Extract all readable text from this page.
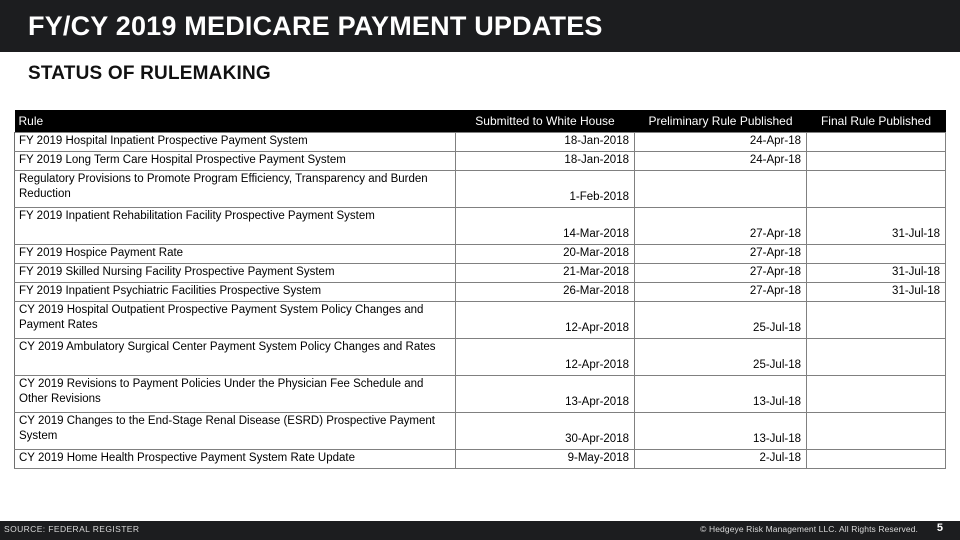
FY/CY 2019 MEDICARE PAYMENT UPDATES
STATUS OF RULEMAKING
Rule	Submitted to White House	Preliminary Rule Published	Final Rule Published
FY 2019 Hospital Inpatient Prospective Payment System	18-Jan-2018	24-Apr-18	
FY 2019 Long Term Care Hospital Prospective Payment System	18-Jan-2018	24-Apr-18	
Regulatory Provisions to Promote Program Efficiency, Transparency and Burden Reduction	1-Feb-2018		
FY 2019 Inpatient Rehabilitation Facility Prospective Payment System	14-Mar-2018	27-Apr-18	31-Jul-18
FY 2019 Hospice Payment Rate	20-Mar-2018	27-Apr-18	
FY 2019 Skilled Nursing Facility Prospective Payment System	21-Mar-2018	27-Apr-18	31-Jul-18
FY 2019 Inpatient Psychiatric Facilities Prospective System	26-Mar-2018	27-Apr-18	31-Jul-18
CY 2019 Hospital Outpatient Prospective Payment System Policy Changes and Payment Rates	12-Apr-2018	25-Jul-18	
CY 2019 Ambulatory Surgical Center Payment System Policy Changes and Rates	12-Apr-2018	25-Jul-18	
CY 2019 Revisions to Payment Policies Under the Physician Fee Schedule and Other Revisions	13-Apr-2018	13-Jul-18	
CY 2019 Changes to the End-Stage Renal Disease (ESRD) Prospective Payment System	30-Apr-2018	13-Jul-18	
CY 2019 Home Health Prospective Payment System Rate Update	9-May-2018	2-Jul-18	
SOURCE: FEDERAL REGISTER	© Hedgeye Risk Management LLC. All Rights Reserved. 5
